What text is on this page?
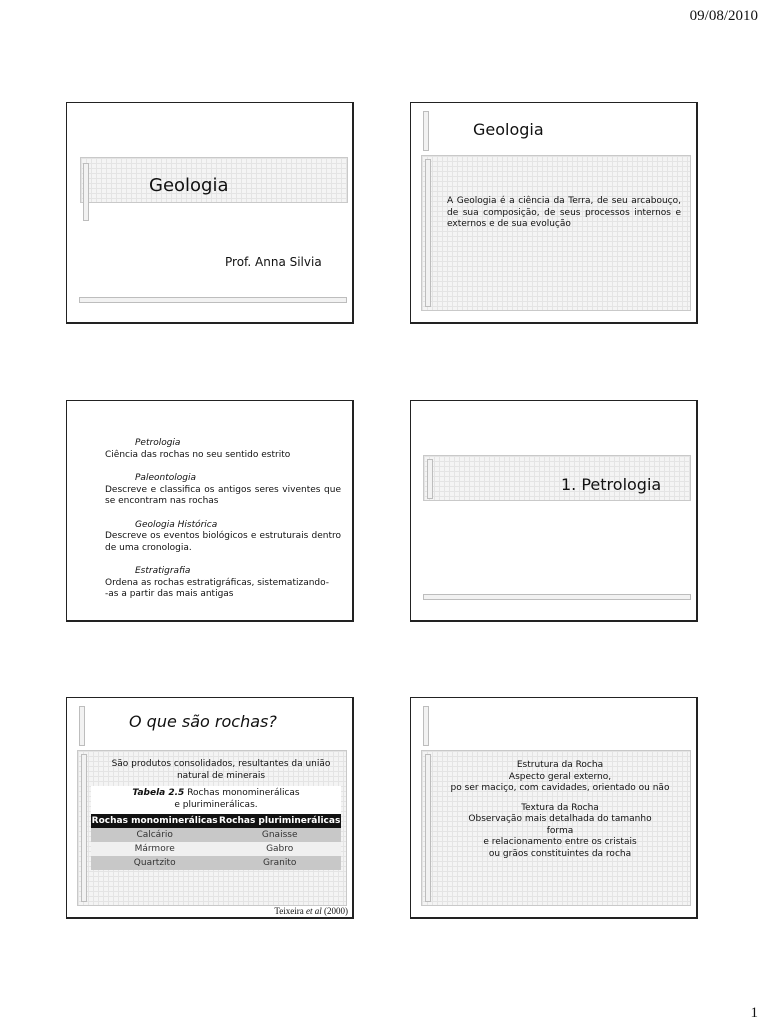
09/08/2010
Geologia
Prof. Anna Silvia
Geologia
A Geologia é a ciência da Terra, de seu arcabouço, de sua composição, de seus processos internos e externos e de sua evolução
Petrologia
Ciência das rochas no seu sentido estrito
Paleontologia
Descreve e classifica os antigos seres viventes que se encontram nas rochas
Geologia Histórica
Descreve os eventos biológicos e estruturais dentro de uma cronologia.
Estratigrafia
Ordena as rochas estratigráficas, sistematizando-
-as a partir das mais antigas
1. Petrologia
O que são rochas?
São produtos consolidados, resultantes da união natural de minerais
Tabela 2.5 Rochas monominerálicas
e pluriminerálicas.
Rochas monominerálicas	Rochas pluriminerálicas
Calcário	Gnaisse
Mármore	Gabro
Quartzito	Granito
Teixeira et al (2000)
Estrutura da Rocha
Aspecto geral externo,
po ser maciço, com cavidades, orientado ou não
Textura da Rocha
Observação mais detalhada do tamanho
forma
e relacionamento entre os cristais
ou grãos constituintes da rocha
1
